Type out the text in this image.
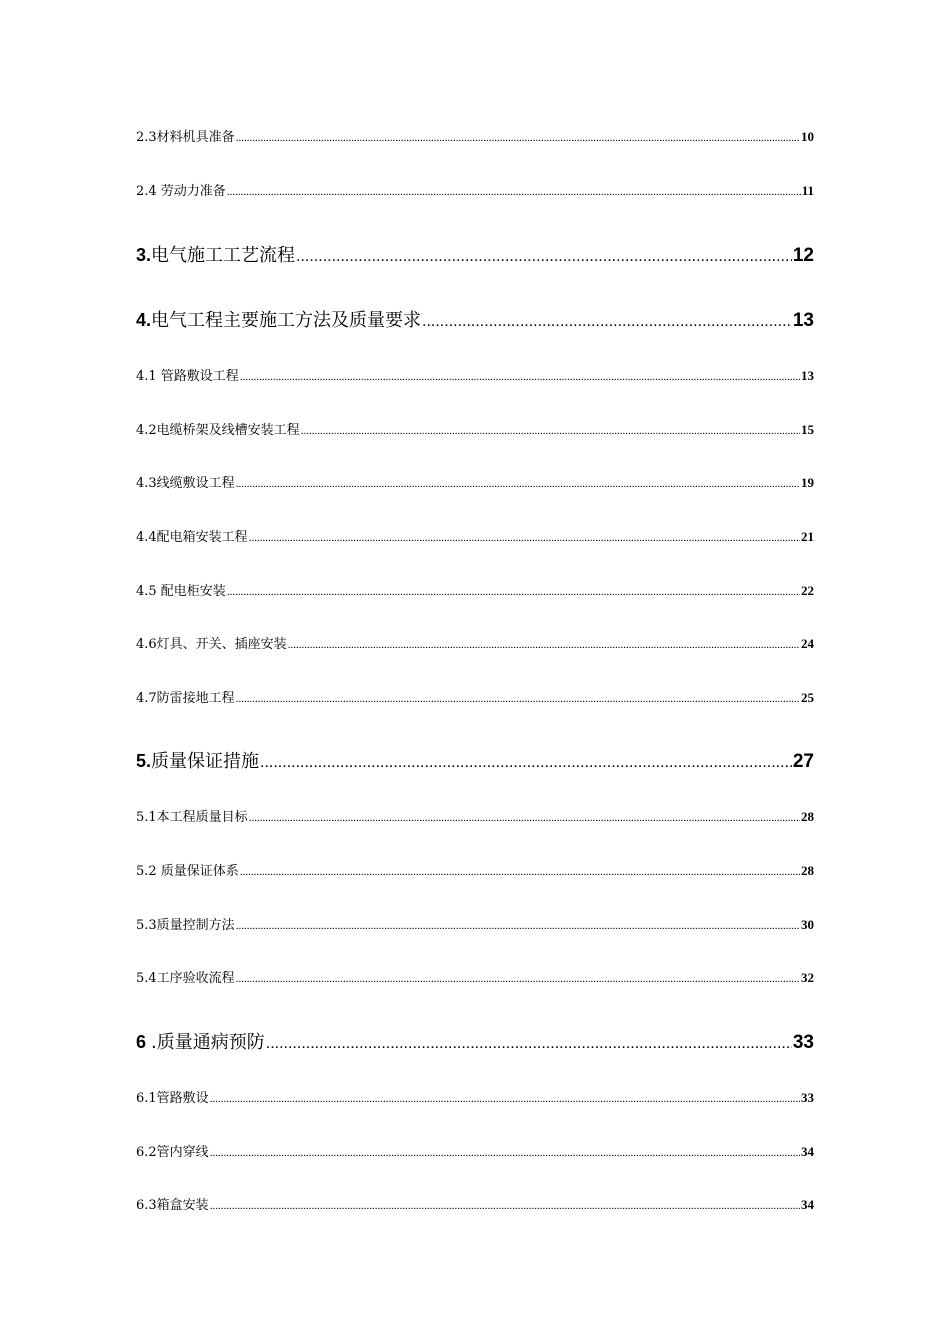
2.3材料机具准备 .....	10
2.4 劳动力准备 .....	11
3.电气施工工艺流程 .....	12
4.电气工程主要施工方法及质量要求 .....	13
4.1 管路敷设工程 .....	13
4.2电缆桥架及线槽安装工程 .....	15
4.3线缆敷设工程 .....	19
4.4配电箱安装工程 .....	21
4.5 配电柜安装 .....	22
4.6灯具、开关、插座安装 .....	24
4.7防雷接地工程 .....	25
5.质量保证措施 .....	27
5.1本工程质量目标 .....	28
5.2 质量保证体系 .....	28
5.3质量控制方法 .....	30
5.4工序验收流程 .....	32
6 .质量通病预防 .....	33
6.1管路敷设 .....	33
6.2管内穿线 .....	34
6.3箱盒安装 .....	34
